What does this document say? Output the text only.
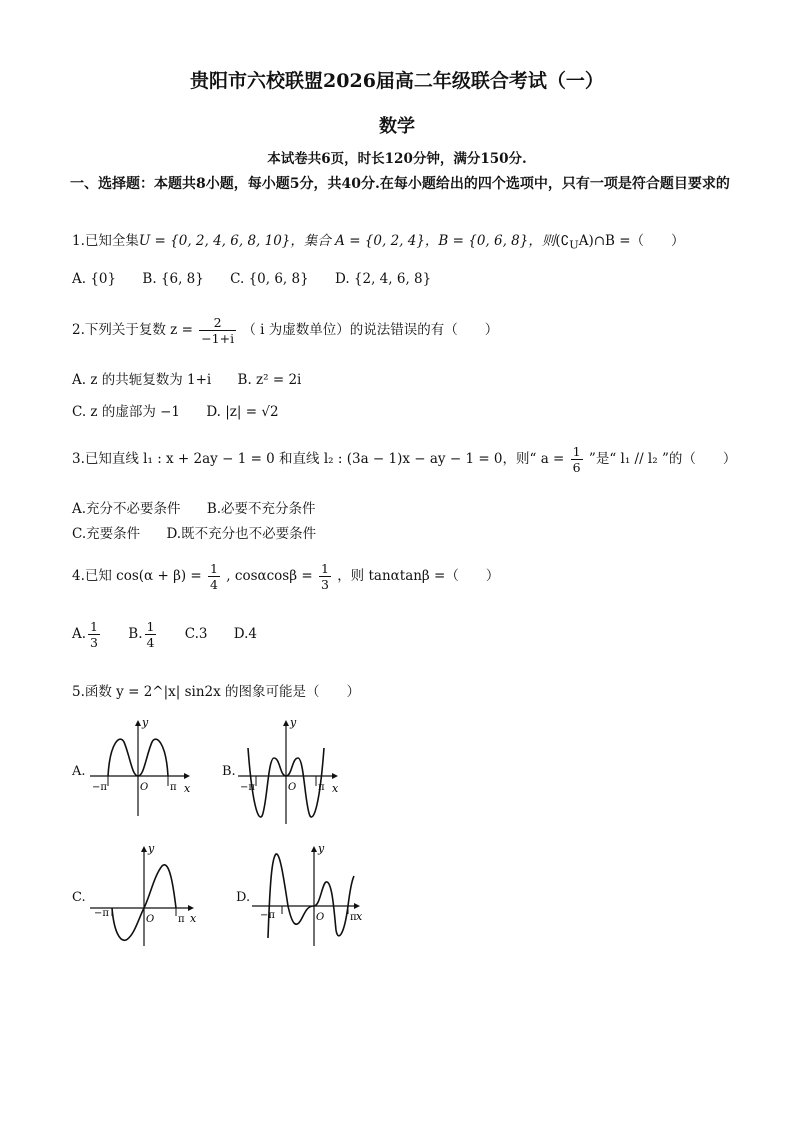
贵阳市六校联盟2026届高二年级联合考试（一）
数学
本试卷共6页，时长120分钟，满分150分.
一、选择题：本题共8小题，每小题5分，共40分.在每小题给出的四个选项中，只有一项是符合题目要求的
1.已知全集U = {0, 2, 4, 6, 8, 10}，集合 A = {0, 2, 4}，B = {0, 6, 8}，则$(∁_UA)\cap B$ =（　　）
A. {0} B. {6, 8} C. {0, 6, 8} D. {2, 4, 6, 8}
2.下列关于复数 $z = \frac{2}{-1+i}$ （ i 为虚数单位）的说法错误的有（　　）
A. z 的共轭复数为 1+i B. z² = 2i
C. z 的虚部为 −1 D. |z| = √2
3.已知直线 l₁ : x + 2ay − 1 = 0 和直线 l₂ : (3a − 1)x − ay − 1 = 0，则“ $a = \frac{1}{6}$ ”是“ l₁ // l₂ ”的（　　）
A.充分不必要条件 B.必要不充分条件
C.充要条件 D.既不充分也不必要条件
4.已知 $\cos(\alpha + \beta) = \frac{1}{4}$ , $\cos\alpha\cos\beta = \frac{1}{3}$ ，则 tanαtanβ =（　　）
A. $\frac{1}{3} B$. $\frac{1}{4} C.3$ D.4
5.函数 y = 2^|x| sin2x 的图象可能是（　　）
A.	B.
C.	D.
y
x
−π	O π
y
x
−π	O π
y
x
−π
O π
y
x
−π	O	π
